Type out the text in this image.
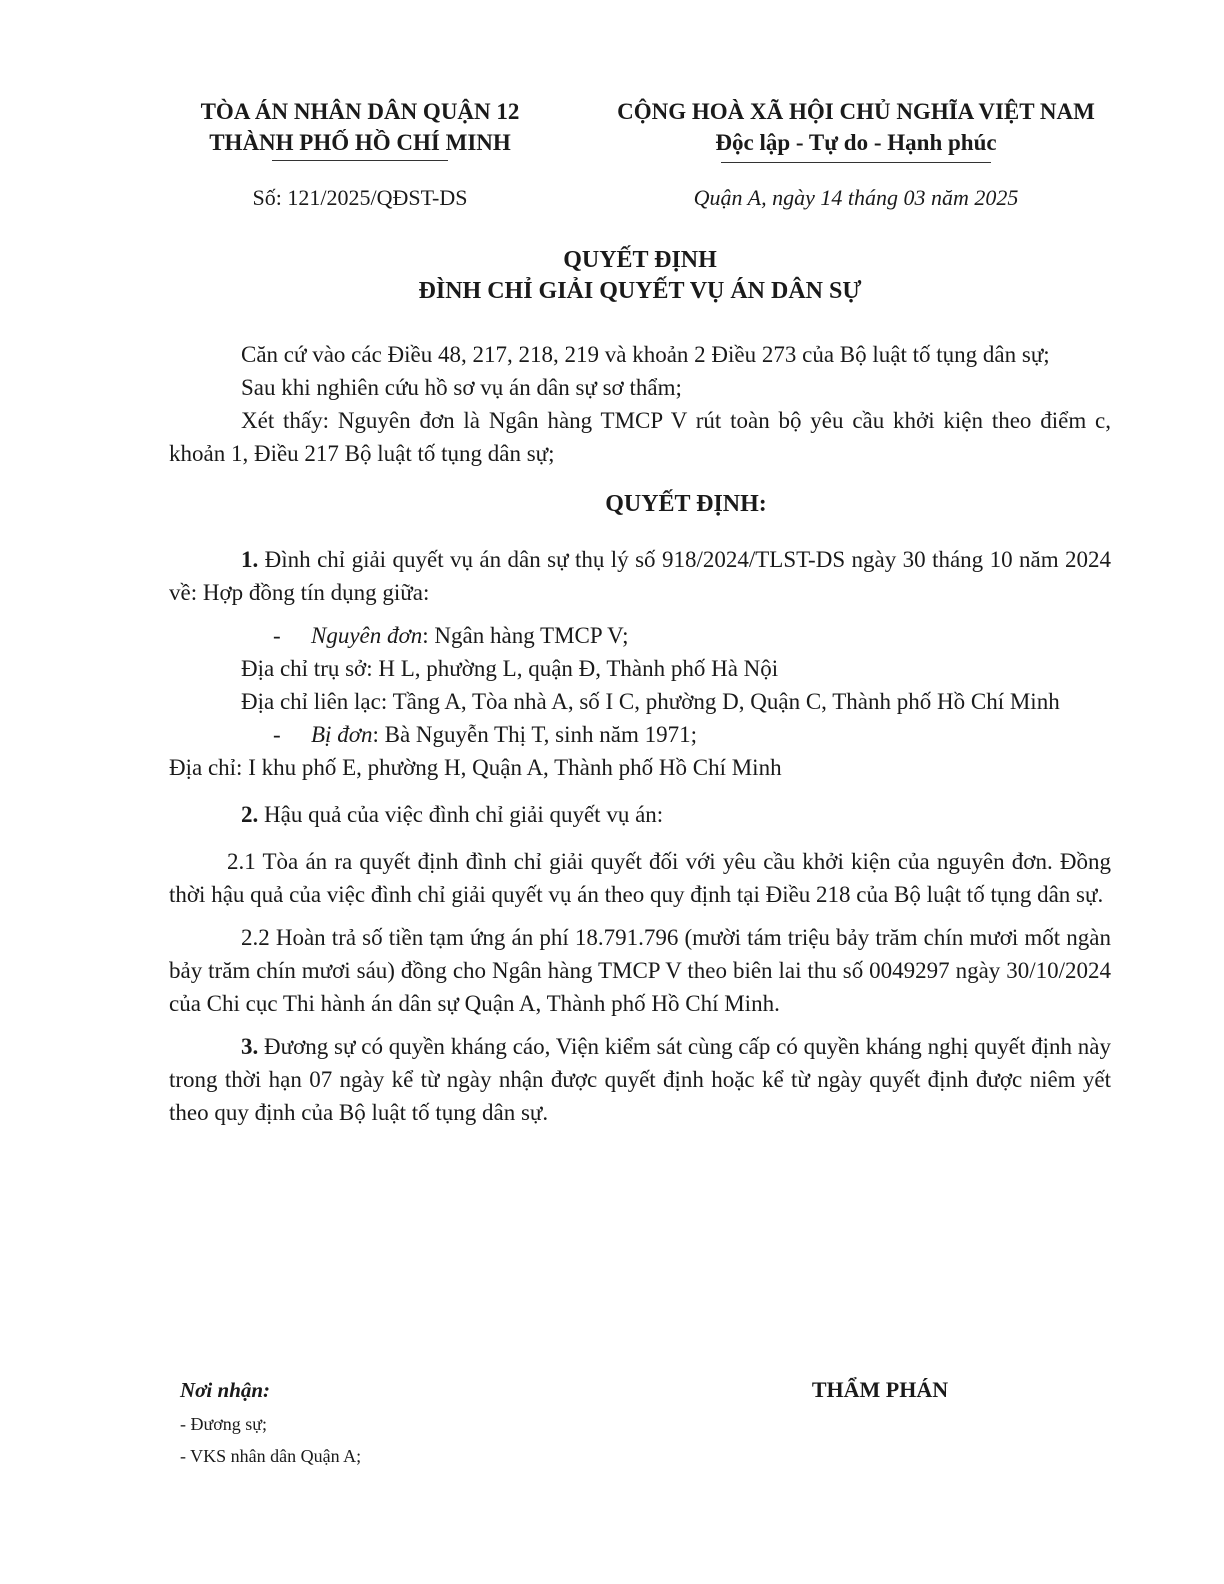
TÒA ÁN NHÂN DÂN QUẬN 12
THÀNH PHỐ HỒ CHÍ MINH
CỘNG HOÀ XÃ HỘI CHỦ NGHĨA VIỆT NAM
Độc lập - Tự do - Hạnh phúc
Số: 121/2025/QĐST-DS	Quận A, ngày 14 tháng 03 năm 2025
QUYẾT ĐỊNH
ĐÌNH CHỈ GIẢI QUYẾT VỤ ÁN DÂN SỰ

Căn cứ vào các Điều 48, 217, 218, 219 và khoản 2 Điều 273 của Bộ luật tố tụng dân sự;

Sau khi nghiên cứu hồ sơ vụ án dân sự sơ thẩm;

Xét thấy: Nguyên đơn là Ngân hàng TMCP V rút toàn bộ yêu cầu khởi kiện theo điểm c, khoản 1, Điều 217 Bộ luật tố tụng dân sự;

QUYẾT ĐỊNH:

1. Đình chỉ giải quyết vụ án dân sự thụ lý số 918/2024/TLST-DS ngày 30 tháng 10 năm 2024 về: Hợp đồng tín dụng giữa:

- Nguyên đơn: Ngân hàng TMCP V;

Địa chỉ trụ sở: H L, phường L, quận Đ, Thành phố Hà Nội

Địa chỉ liên lạc: Tầng A, Tòa nhà A, số I C, phường D, Quận C, Thành phố Hồ Chí Minh

- Bị đơn: Bà Nguyễn Thị T, sinh năm 1971;

Địa chỉ: I khu phố E, phường H, Quận A, Thành phố Hồ Chí Minh

2. Hậu quả của việc đình chỉ giải quyết vụ án:

2.1 Tòa án ra quyết định đình chỉ giải quyết đối với yêu cầu khởi kiện của nguyên đơn. Đồng thời hậu quả của việc đình chỉ giải quyết vụ án theo quy định tại Điều 218 của Bộ luật tố tụng dân sự.

2.2 Hoàn trả số tiền tạm ứng án phí 18.791.796 (mười tám triệu bảy trăm chín mươi mốt ngàn bảy trăm chín mươi sáu) đồng cho Ngân hàng TMCP V theo biên lai thu số 0049297 ngày 30/10/2024 của Chi cục Thi hành án dân sự Quận A, Thành phố Hồ Chí Minh.

3. Đương sự có quyền kháng cáo, Viện kiểm sát cùng cấp có quyền kháng nghị quyết định này trong thời hạn 07 ngày kể từ ngày nhận được quyết định hoặc kể từ ngày quyết định được niêm yết theo quy định của Bộ luật tố tụng dân sự.

Nơi nhận:
- Đương sự;
- VKS nhân dân Quận A;
THẨM PHÁN
